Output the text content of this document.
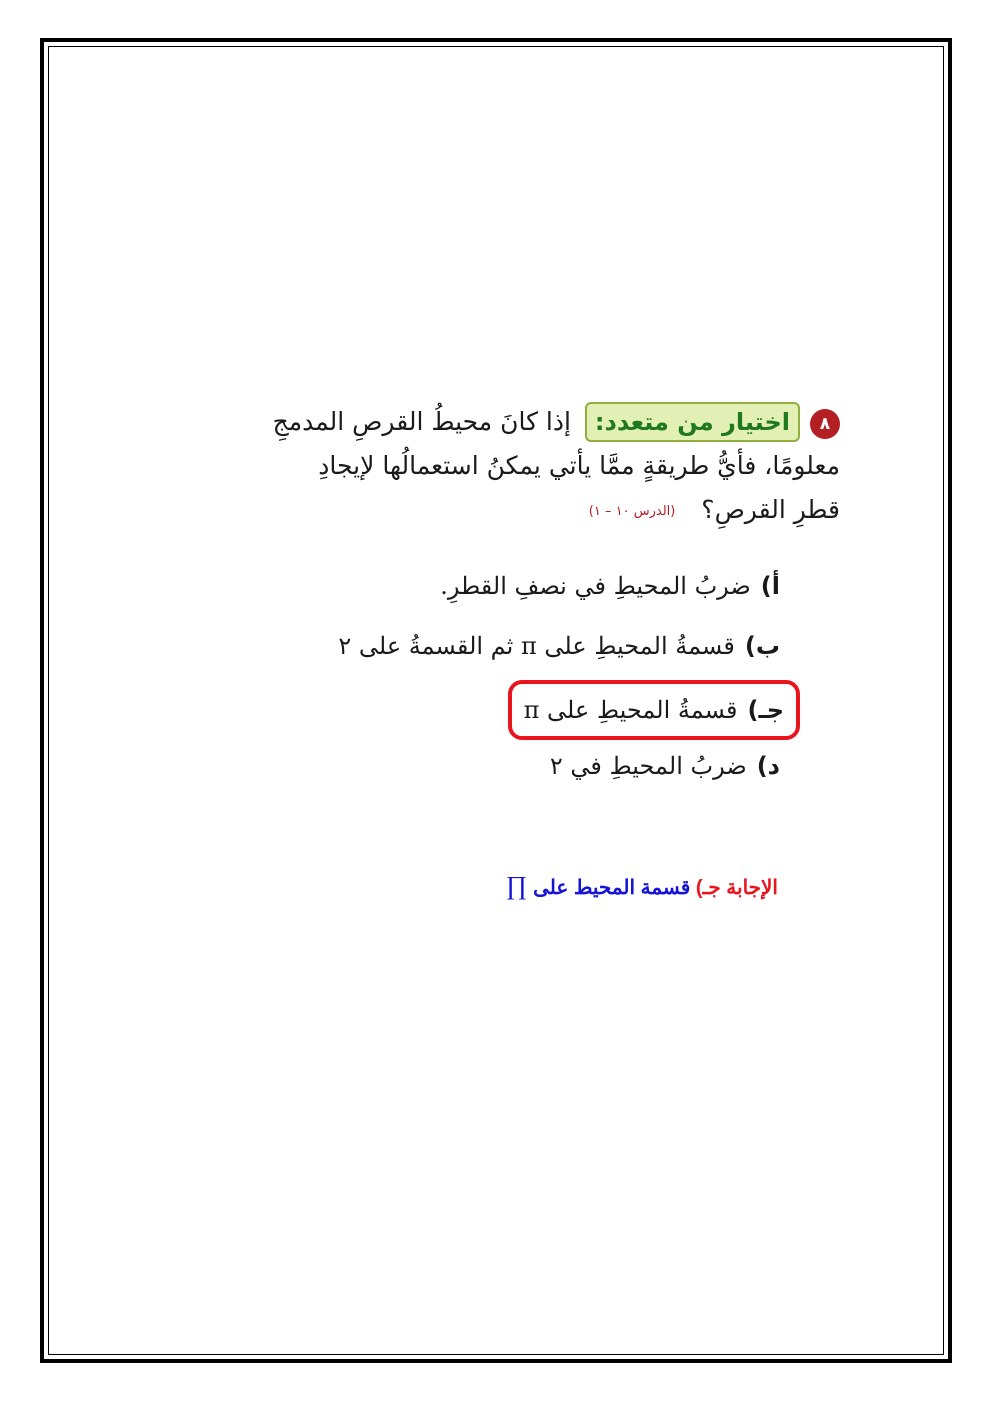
٨اختيار من متعدد: إذا كانَ محيطُ القرصِ المدمجِ
معلومًا، فأيُّ طريقةٍ ممَّا يأتي يمكنُ استعمالُها لإيجادِ
قطرِ القرصِ؟ (الدرس ١٠ – ١)
أ)ضربُ المحيطِ في نصفِ القطرِ.
ب)قسمةُ المحيطِ على π ثم القسمةُ على ٢
جـ)قسمةُ المحيطِ على π
د)ضربُ المحيطِ في ٢
الإجابة جـ) قسمة المحيط على∏
